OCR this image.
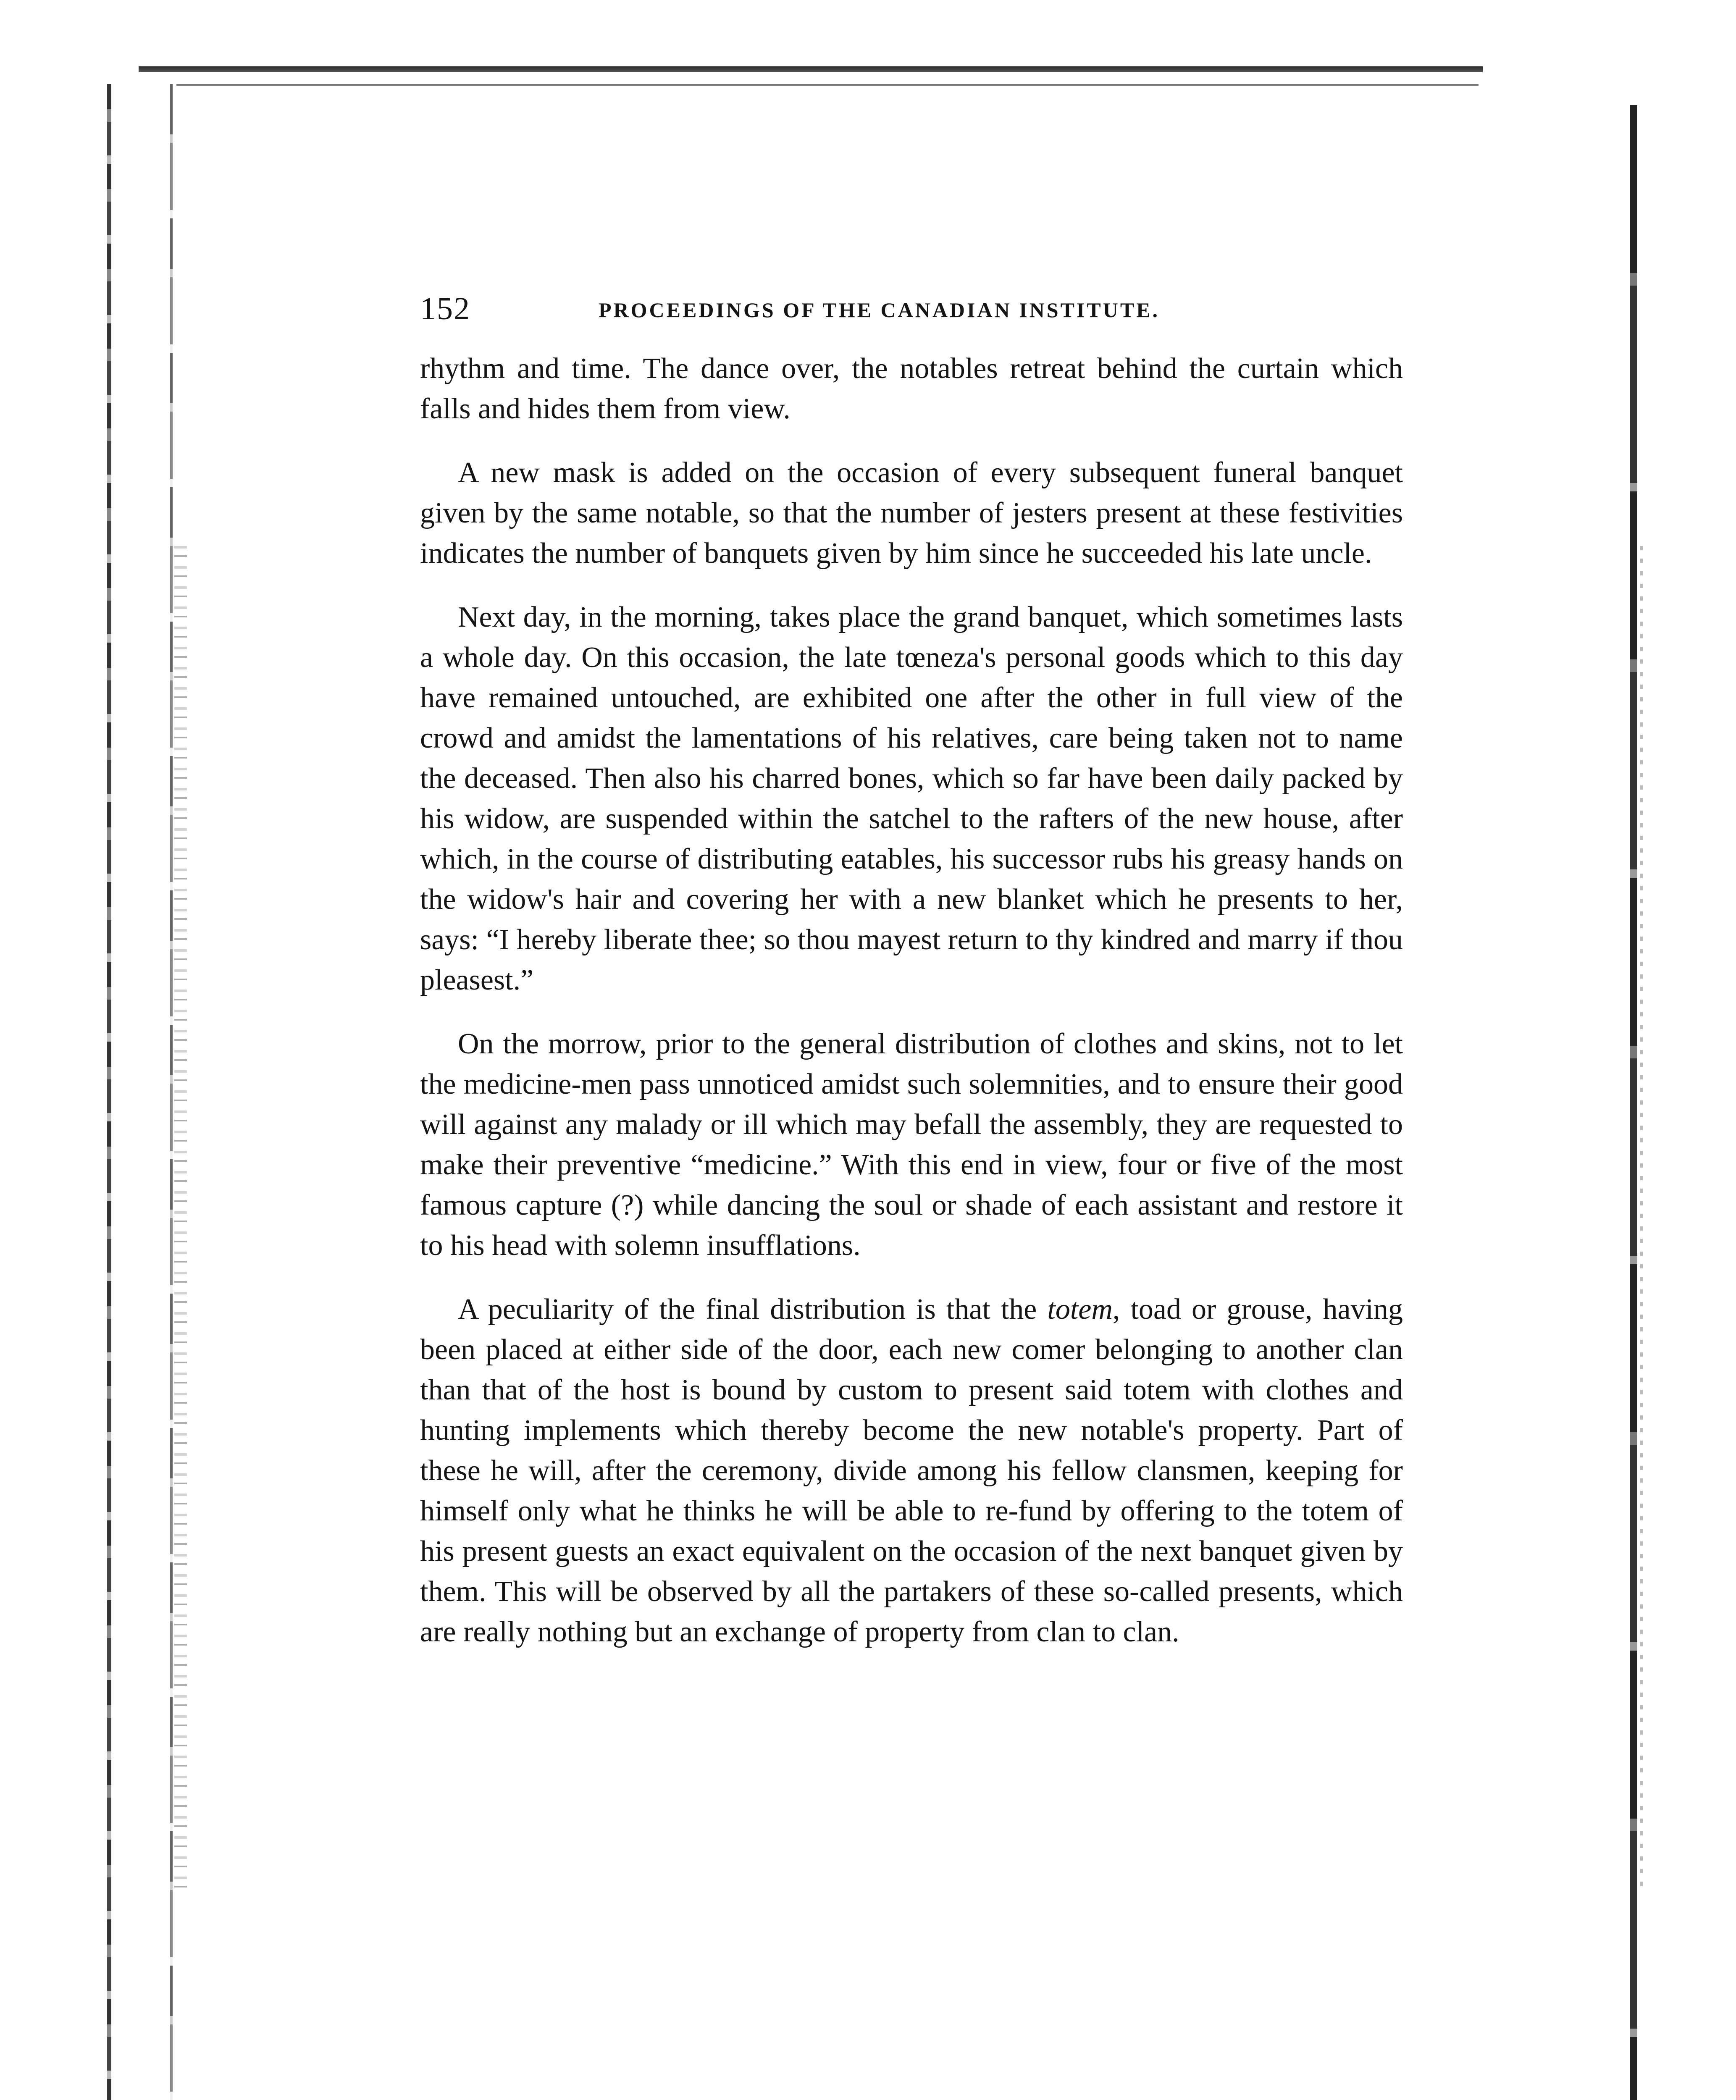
152	PROCEEDINGS OF THE CANADIAN INSTITUTE.

rhythm and time. The dance over, the notables retreat behind the curtain which falls and hides them from view.

A new mask is added on the occasion of every subsequent funeral banquet given by the same notable, so that the number of jesters present at these festivities indicates the number of banquets given by him since he succeeded his late uncle.

Next day, in the morning, takes place the grand banquet, which sometimes lasts a whole day. On this occasion, the late tœneza's personal goods which to this day have remained untouched, are exhibited one after the other in full view of the crowd and amidst the lamentations of his relatives, care being taken not to name the deceased. Then also his charred bones, which so far have been daily packed by his widow, are suspended within the satchel to the rafters of the new house, after which, in the course of distributing eatables, his successor rubs his greasy hands on the widow's hair and covering her with a new blanket which he presents to her, says: “I hereby liberate thee; so thou mayest return to thy kindred and marry if thou pleasest.”

On the morrow, prior to the general distribution of clothes and skins, not to let the medicine-men pass unnoticed amidst such solemnities, and to ensure their good will against any malady or ill which may befall the assembly, they are requested to make their preventive “medicine.” With this end in view, four or five of the most famous capture (?) while dancing the soul or shade of each assistant and restore it to his head with solemn insufflations.

A peculiarity of the final distribution is that the totem, toad or grouse, having been placed at either side of the door, each new comer belonging to another clan than that of the host is bound by custom to present said totem with clothes and hunting implements which thereby become the new notable's property. Part of these he will, after the ceremony, divide among his fellow clansmen, keeping for himself only what he thinks he will be able to re-fund by offering to the totem of his present guests an exact equivalent on the occasion of the next banquet given by them. This will be observed by all the partakers of these so-called presents, which are really nothing but an exchange of property from clan to clan.
